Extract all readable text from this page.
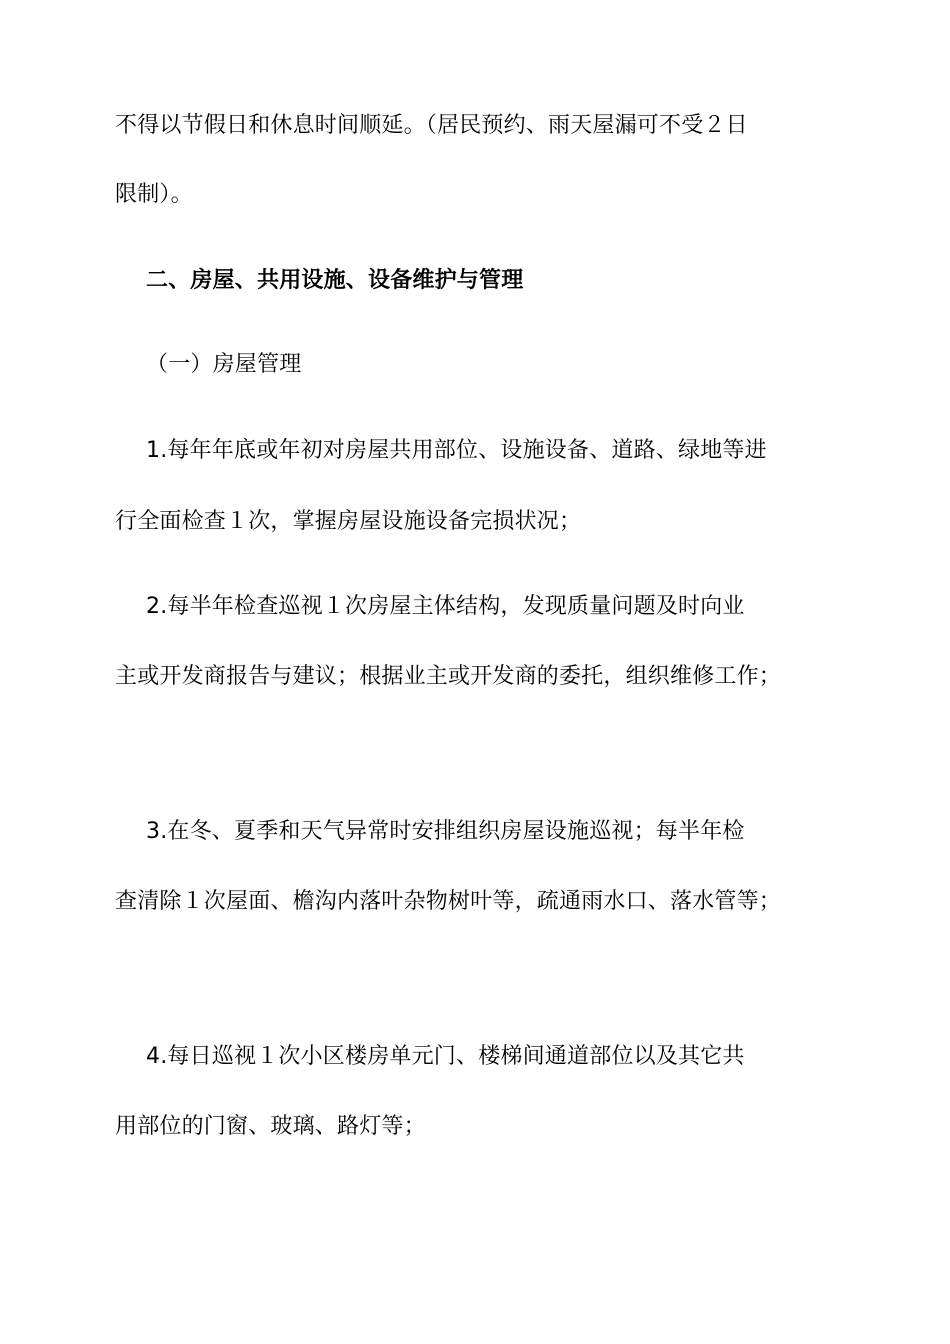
不得以节假日和休息时间顺延。（居民预约、雨天屋漏可不受２日
限制）。
二、房屋、共用设施、设备维护与管理
（一）房屋管理
1.每年年底或年初对房屋共用部位、设施设备、道路、绿地等进
行全面检查１次，掌握房屋设施设备完损状况；
2.每半年检查巡视１次房屋主体结构，发现质量问题及时向业
主或开发商报告与建议；根据业主或开发商的委托，组织维修工作；
3.在冬、夏季和天气异常时安排组织房屋设施巡视；每半年检
查清除１次屋面、檐沟内落叶杂物树叶等，疏通雨水口、落水管等；
4.每日巡视１次小区楼房单元门、楼梯间通道部位以及其它共
用部位的门窗、玻璃、路灯等；
